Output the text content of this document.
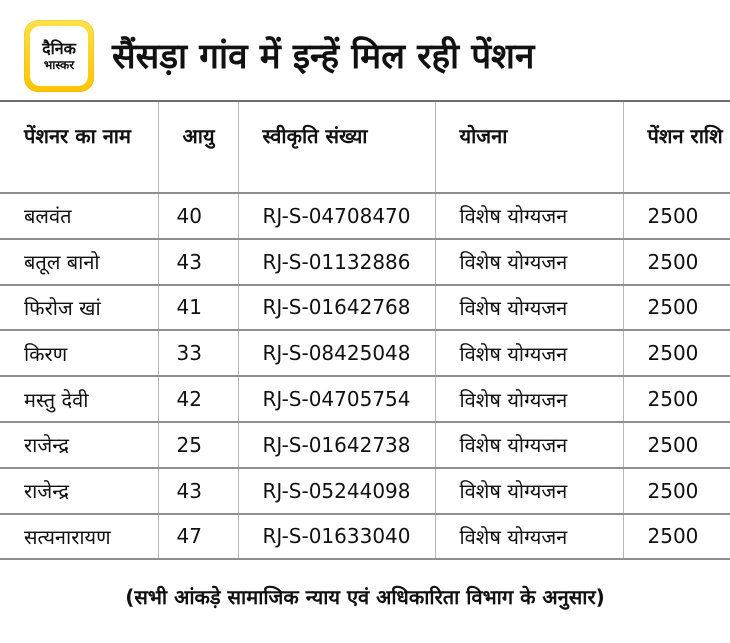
दैनिक
भास्कर सैंसड़ा गांव में इन्हें मिल रही पेंशन
पेंशनर का नाम	आयु	स्वीकृति संख्या	योजना	पेंशन राशि
बलवंत	40	RJ-S-04708470	विशेष योग्यजन	2500
बतूल बानो	43	RJ-S-01132886	विशेष योग्यजन	2500
फिरोज खां	41	RJ-S-01642768	विशेष योग्यजन	2500
किरण	33	RJ-S-08425048	विशेष योग्यजन	2500
मस्तु देवी	42	RJ-S-04705754	विशेष योग्यजन	2500
राजेन्द्र	25	RJ-S-01642738	विशेष योग्यजन	2500
राजेन्द्र	43	RJ-S-05244098	विशेष योग्यजन	2500
सत्यनारायण	47	RJ-S-01633040	विशेष योग्यजन	2500
(सभी आंकड़े सामाजिक न्याय एवं अधिकारिता विभाग के अनुसार)
